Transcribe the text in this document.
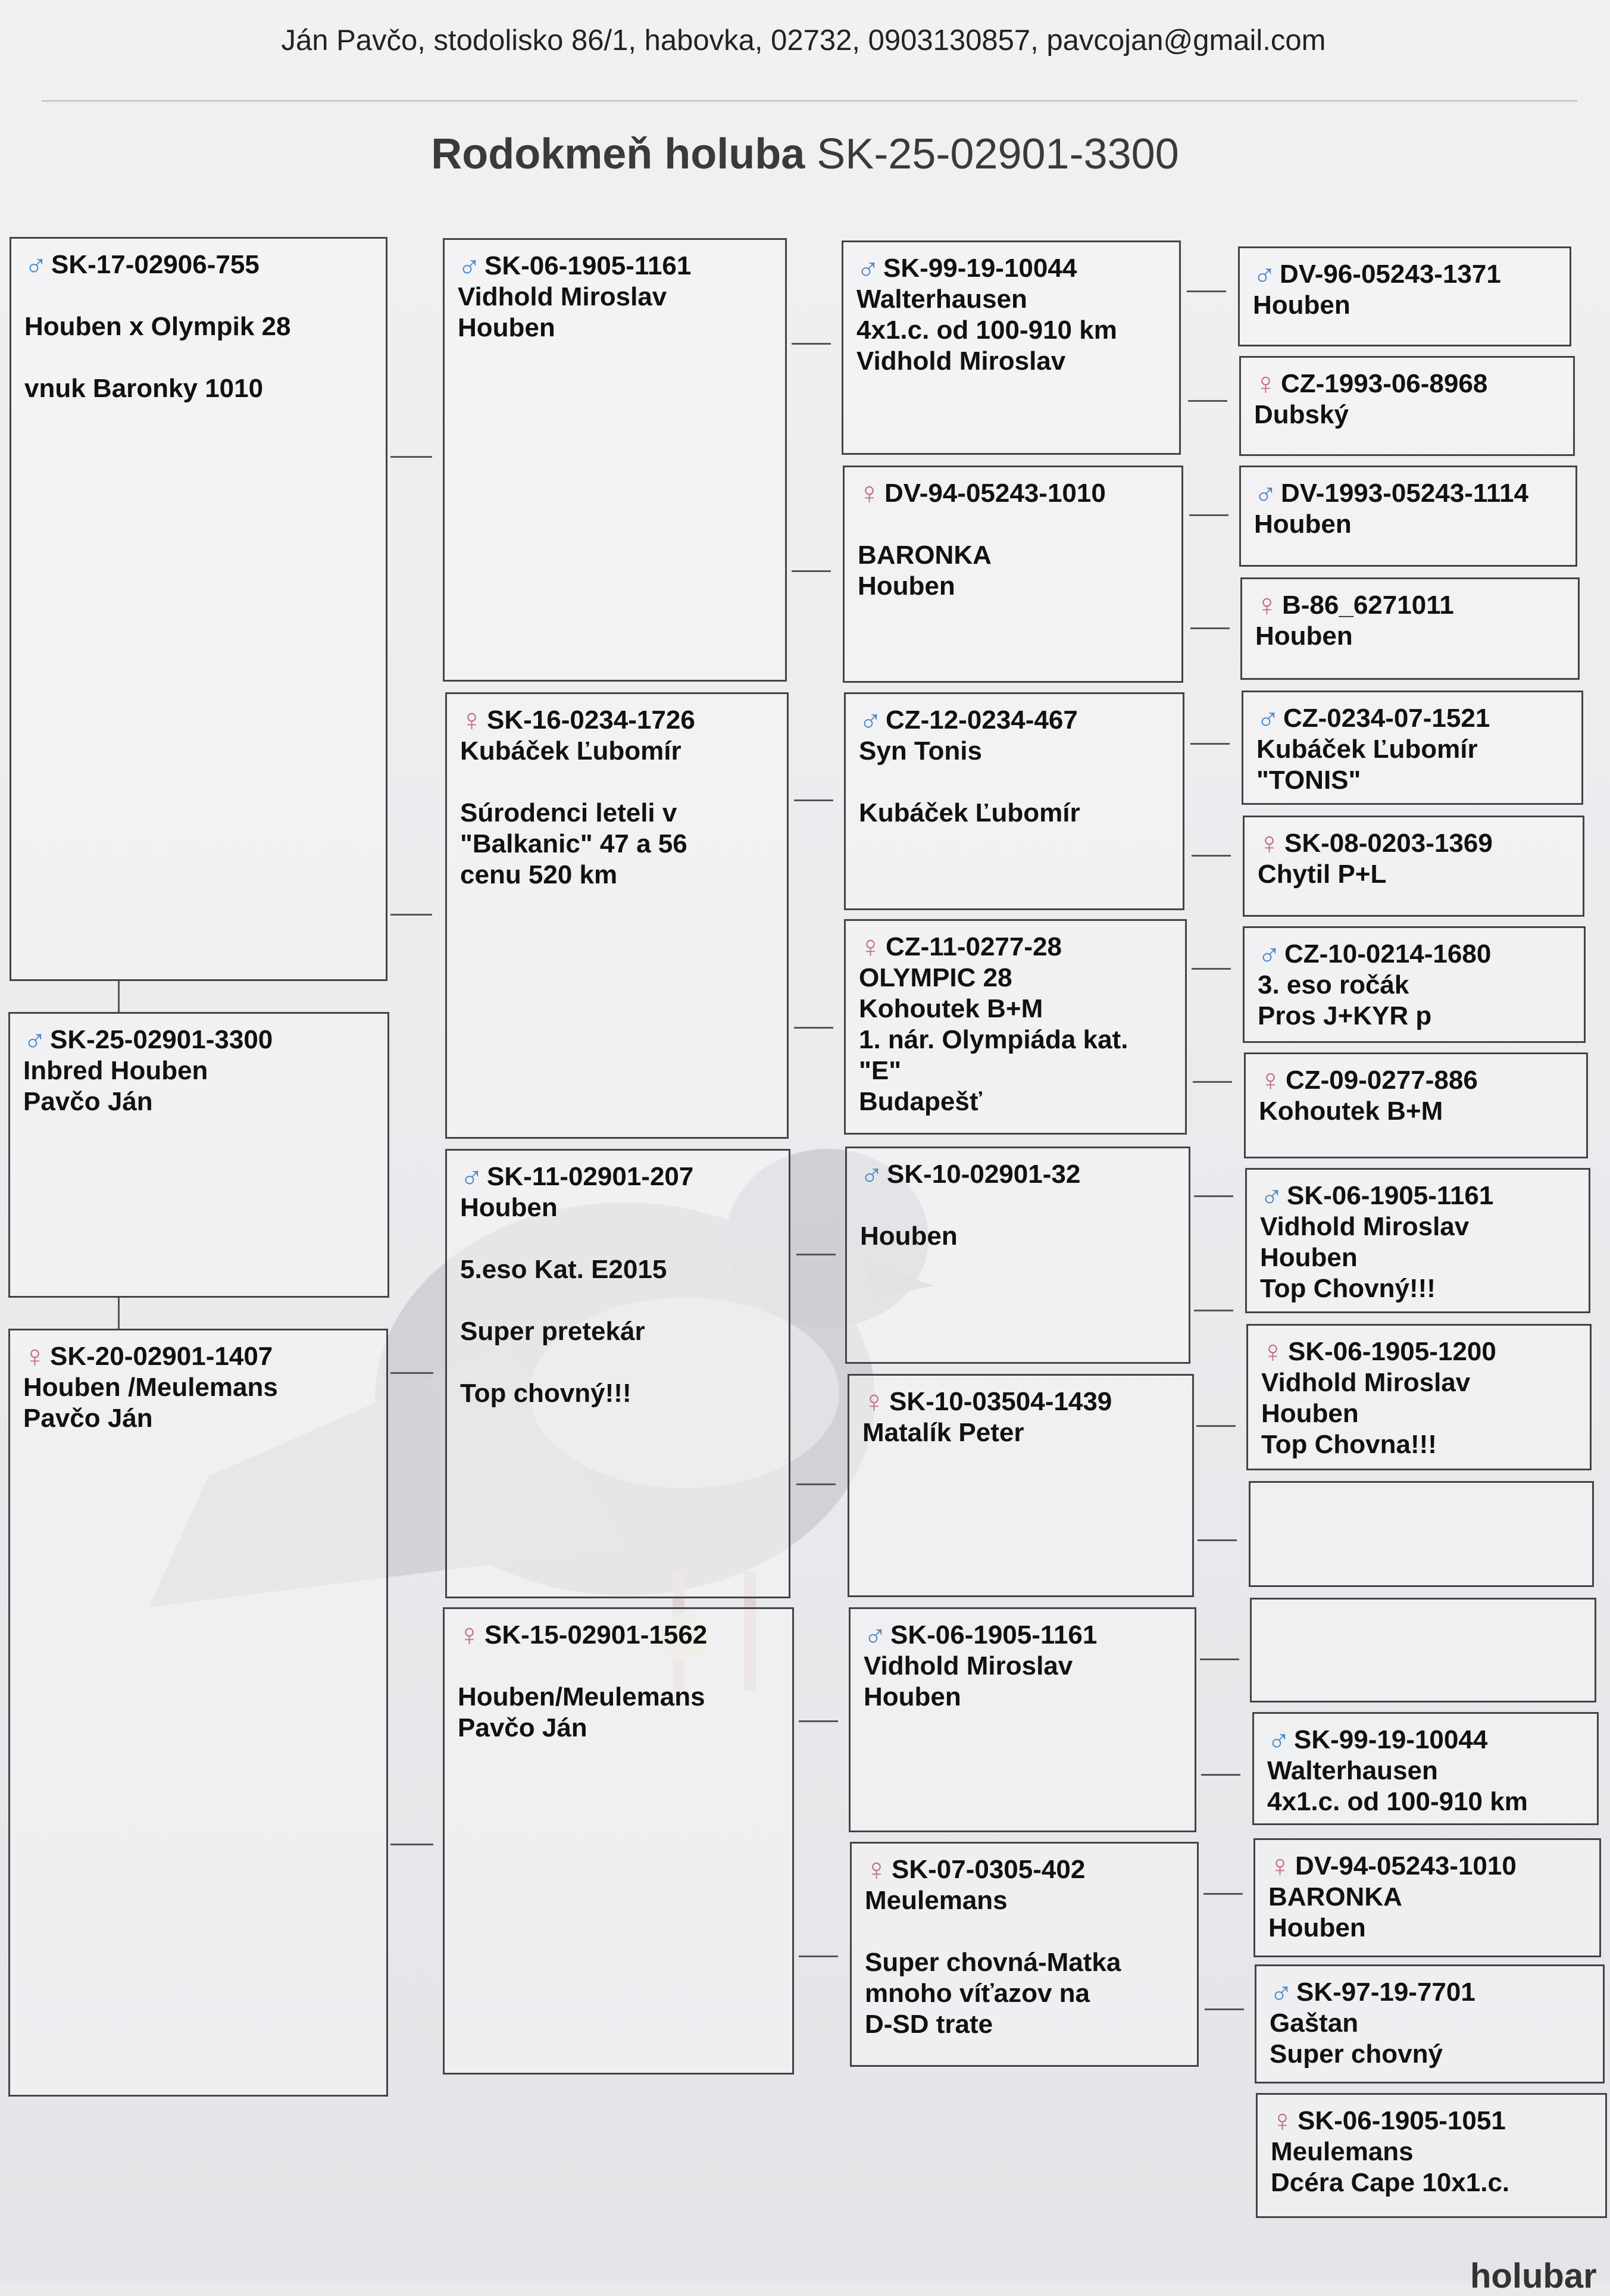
Ján Pavčo, stodolisko 86/1, habovka, 02732, 0903130857, pavcojan@gmail.com
Rodokmeň holuba SK-25-02901-3300
♂ SK-25-02901-3300
Inbred Houben
Pavčo Ján
♂ SK-17-02906-755

Houben x Olympik 28

vnuk Baronky 1010
♀ SK-20-02901-1407
Houben /Meulemans
Pavčo Ján
♂ SK-06-1905-1161
Vidhold Miroslav
Houben
♀ SK-16-0234-1726
Kubáček Ľubomír

Súrodenci leteli v
"Balkanic" 47 a 56
cenu 520 km
♂ SK-11-02901-207
Houben

5.eso Kat. E2015

Super pretekár

Top chovný!!!
♀ SK-15-02901-1562

Houben/Meulemans
Pavčo Ján
♂ SK-99-19-10044
Walterhausen
4x1.c. od 100-910 km
Vidhold Miroslav
♀ DV-94-05243-1010

BARONKA
Houben
♂ CZ-12-0234-467
Syn Tonis

Kubáček Ľubomír
♀ CZ-11-0277-28
OLYMPIC 28
Kohoutek B+M
1. nár. Olympiáda kat.
"E"
Budapešť
♂ SK-10-02901-32

Houben
♀ SK-10-03504-1439
Matalík Peter
♂ SK-06-1905-1161
Vidhold Miroslav
Houben
♀ SK-07-0305-402
Meulemans

Super chovná-Matka
mnoho víťazov na
D-SD trate
♂ DV-96-05243-1371
Houben
♀ CZ-1993-06-8968
Dubský
♂ DV-1993-05243-1114
Houben
♀ B-86_6271011
Houben
♂ CZ-0234-07-1521
Kubáček Ľubomír
"TONIS"
♀ SK-08-0203-1369
Chytil P+L
♂ CZ-10-0214-1680
3. eso ročák
Pros J+KYR p
♀ CZ-09-0277-886
Kohoutek B+M
♂ SK-06-1905-1161
Vidhold Miroslav
Houben
Top Chovný!!!
♀ SK-06-1905-1200
Vidhold Miroslav
Houben
Top Chovna!!!
♂ SK-99-19-10044
Walterhausen
4x1.c. od 100-910 km
♀ DV-94-05243-1010
BARONKA
Houben
♂ SK-97-19-7701
Gaštan
Super chovný
♀ SK-06-1905-1051
Meulemans
Dcéra Cape 10x1.c.
holubar
